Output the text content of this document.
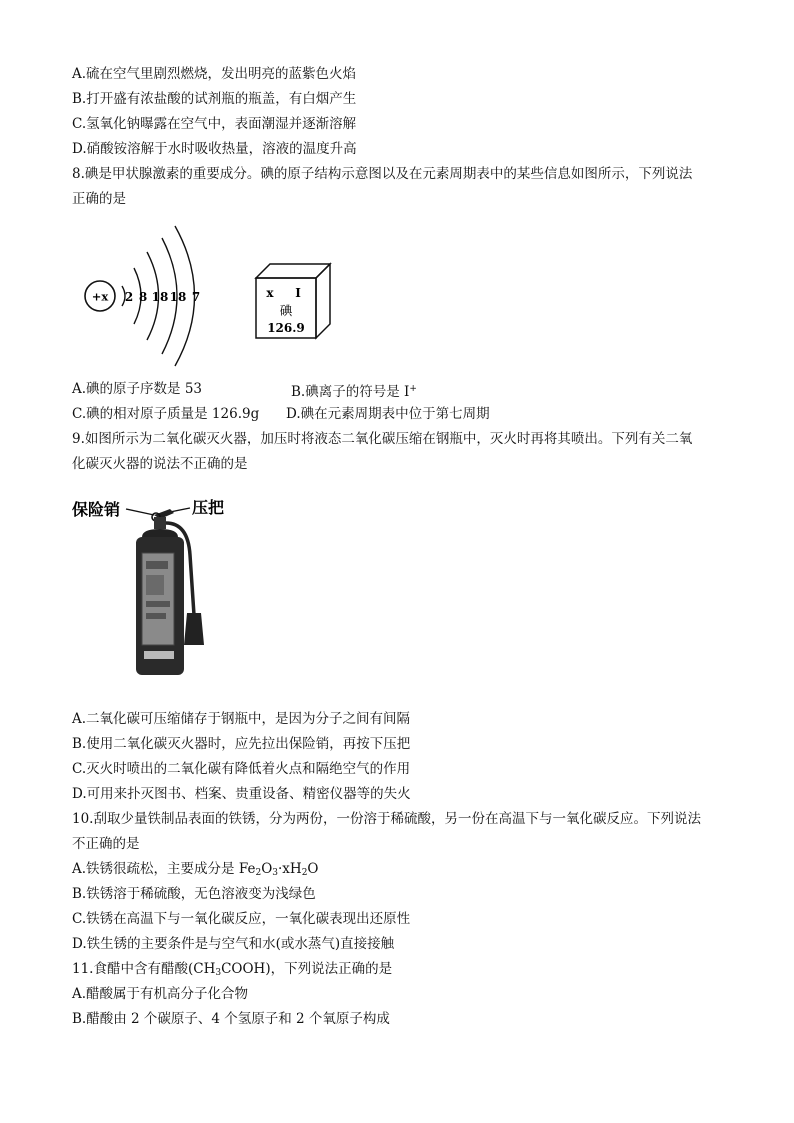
A.硫在空气里剧烈燃烧，发出明亮的蓝紫色火焰
B.打开盛有浓盐酸的试剂瓶的瓶盖，有白烟产生
C.氢氧化钠曝露在空气中，表面潮湿并逐渐溶解
D.硝酸铵溶解于水时吸收热量，溶液的温度升高
8.碘是甲状腺激素的重要成分。碘的原子结构示意图以及在元素周期表中的某些信息如图所示，下列说法
正确的是
+x 2 8 18 18 7	x I
碘
126.9
A.碘的原子序数是 53	B.碘离子的符号是 I+
C.碘的相对原子质量是 126.9g D.碘在元素周期表中位于第七周期
9.如图所示为二氧化碳灭火器，加压时将液态二氧化碳压缩在钢瓶中，灭火时再将其喷出。下列有关二氧
化碳灭火器的说法不正确的是
保险销	压把
A.二氧化碳可压缩储存于钢瓶中，是因为分子之间有间隔
B.使用二氧化碳灭火器时，应先拉出保险销，再按下压把
C.灭火时喷出的二氧化碳有降低着火点和隔绝空气的作用
D.可用来扑灭图书、档案、贵重设备、精密仪器等的失火
10.刮取少量铁制品表面的铁锈，分为两份，一份溶于稀硫酸，另一份在高温下与一氧化碳反应。下列说法
不正确的是
A.铁锈很疏松，主要成分是 $Fe_2O_3\cdot xH_2O$
B.铁锈溶于稀硫酸，无色溶液变为浅绿色
C.铁锈在高温下与一氧化碳反应，一氧化碳表现出还原性
D.铁生锈的主要条件是与空气和水(或水蒸气)直接接触
11.食醋中含有醋酸$(CH_3COOH)$，下列说法正确的是
A.醋酸属于有机高分子化合物
B.醋酸由 2 个碳原子、4 个氢原子和 2 个氧原子构成
